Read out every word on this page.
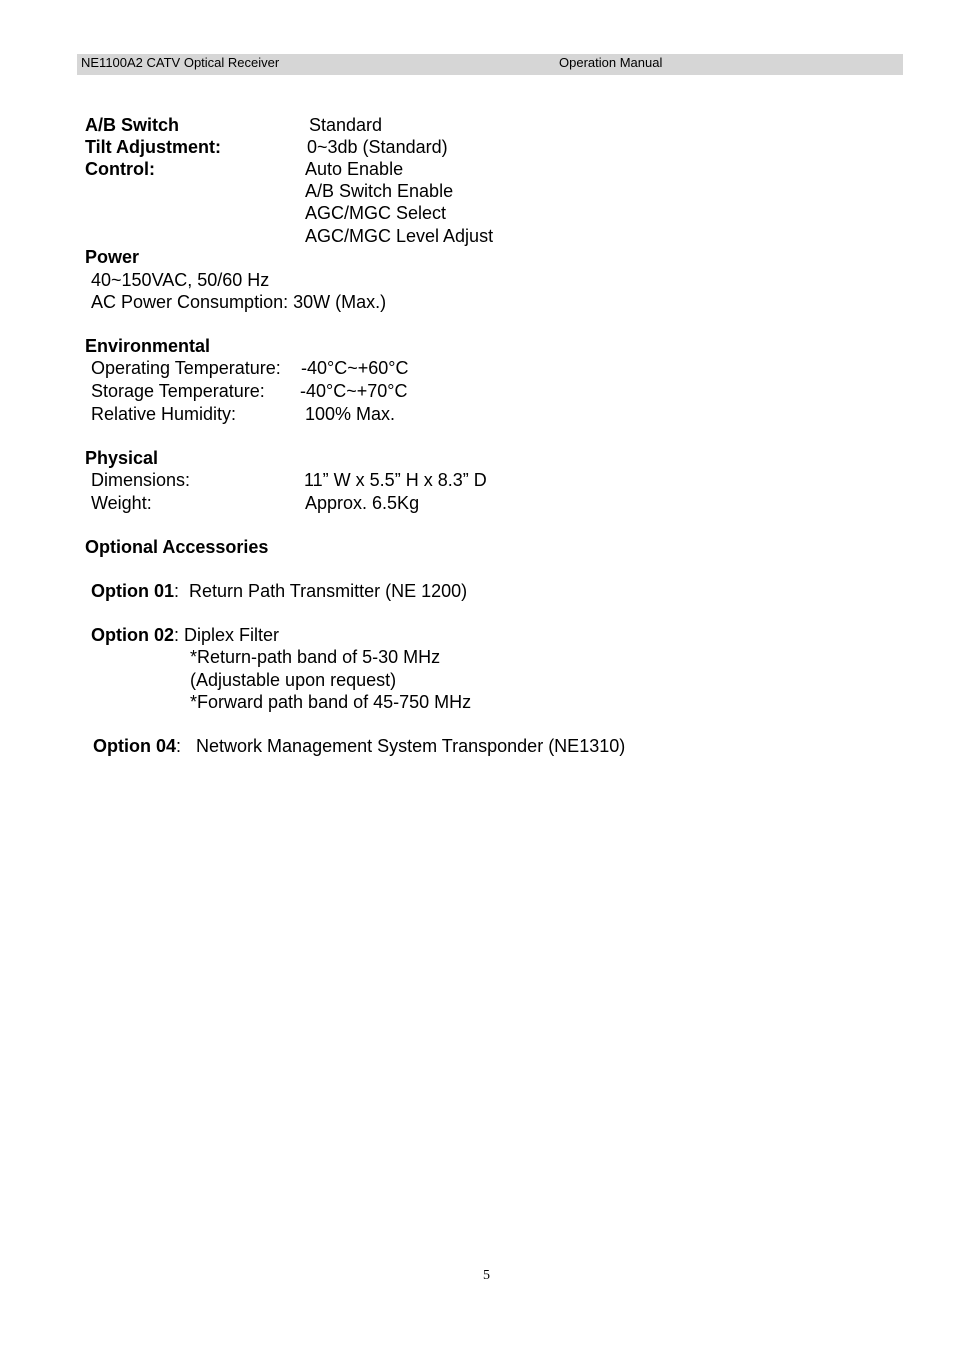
NE1100A2 CATV Optical Receiver	Operation Manual
A/B Switch	Standard
Tilt Adjustment:	0~3db (Standard)
Control:	Auto Enable
A/B Switch Enable
AGC/MGC Select
AGC/MGC Level Adjust
Power
40~150VAC, 50/60 Hz
AC Power Consumption: 30W (Max.)
Environmental
Operating Temperature: -40°C~+60°C
Storage Temperature: -40°C~+70°C
Relative Humidity:	100% Max.
Physical
Dimensions:	11” W x 5.5” H x 8.3” D
Weight:	Approx. 6.5Kg
Optional Accessories
Option 01:  Return Path Transmitter (NE 1200)
Option 02: Diplex Filter
*Return-path band of 5-30 MHz
(Adjustable upon request)
*Forward path band of 45-750 MHz
Option 04:   Network Management System Transponder (NE1310)
5
